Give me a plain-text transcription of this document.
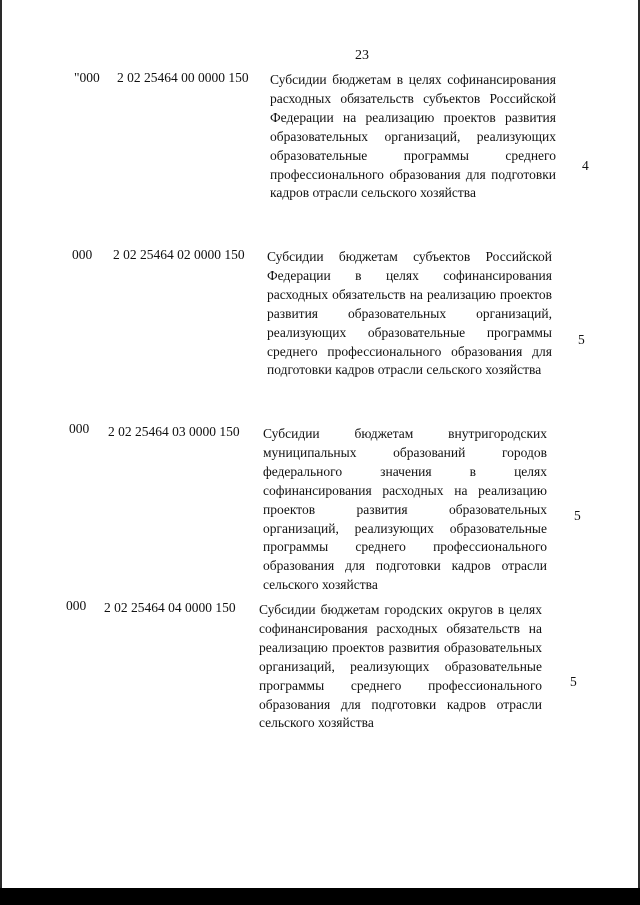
23
"000 2 02 25464 00 0000 150 Субсидии бюджетам в целях софинансирования расходных обязательств субъектов Российской Федерации на реализацию проектов развития образовательных организаций, реализующих образовательные программы среднего профессионального образования для подготовки кадров отрасли сельского хозяйства
4
000 2 02 25464 02 0000 150 Субсидии бюджетам субъектов Российской Федерации в целях софинансирования расходных обязательств на реализацию проектов развития образовательных организаций, реализующих образовательные программы среднего профессионального образования для подготовки кадров отрасли сельского хозяйства
5
000 2 02 25464 03 0000 150 Субсидии бюджетам внутригородских муниципальных образований городов федерального значения в целях софинансирования расходных на реализацию проектов развития образовательных организаций, реализующих образовательные программы среднего профессионального образования для подготовки кадров отрасли сельского хозяйства
5
000 2 02 25464 04 0000 150 Субсидии бюджетам городских округов в целях софинансирования расходных обязательств на реализацию проектов развития образовательных организаций, реализующих образовательные программы среднего профессионального образования для подготовки кадров отрасли сельского хозяйства
5
